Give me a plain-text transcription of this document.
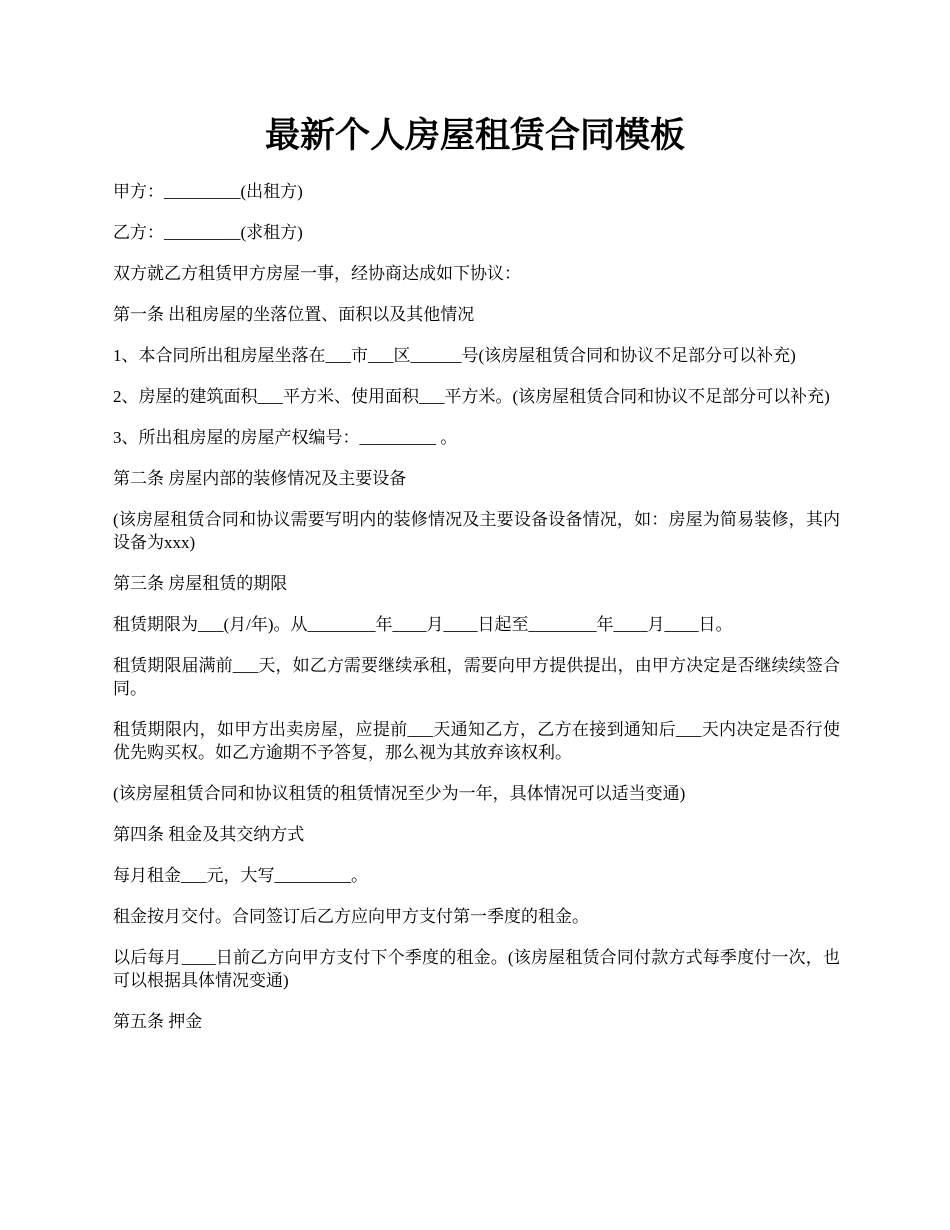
最新个人房屋租赁合同模板

甲方：_________(出租方)

乙方：_________(求租方)

双方就乙方租赁甲方房屋一事，经协商达成如下协议：

第一条 出租房屋的坐落位置、面积以及其他情况

1、本合同所出租房屋坐落在___市___区______号(该房屋租赁合同和协议不足部分可以补充)

2、房屋的建筑面积___平方米、使用面积___平方米。(该房屋租赁合同和协议不足部分可以补充)

3、所出租房屋的房屋产权编号：_________ 。

第二条 房屋内部的装修情况及主要设备

(该房屋租赁合同和协议需要写明内的装修情况及主要设备设备情况，如：房屋为简易装修，其内设备为xxx)

第三条 房屋租赁的期限

租赁期限为___(月/年)。从________年____月____日起至________年____月____日。

租赁期限届满前___天，如乙方需要继续承租，需要向甲方提供提出，由甲方决定是否继续续签合同。

租赁期限内，如甲方出卖房屋，应提前___天通知乙方，乙方在接到通知后___天内决定是否行使优先购买权。如乙方逾期不予答复，那么视为其放弃该权利。

(该房屋租赁合同和协议租赁的租赁情况至少为一年，具体情况可以适当变通)

第四条 租金及其交纳方式

每月租金___元，大写_________。

租金按月交付。合同签订后乙方应向甲方支付第一季度的租金。

以后每月____日前乙方向甲方支付下个季度的租金。(该房屋租赁合同付款方式每季度付一次，也可以根据具体情况变通)

第五条 押金
